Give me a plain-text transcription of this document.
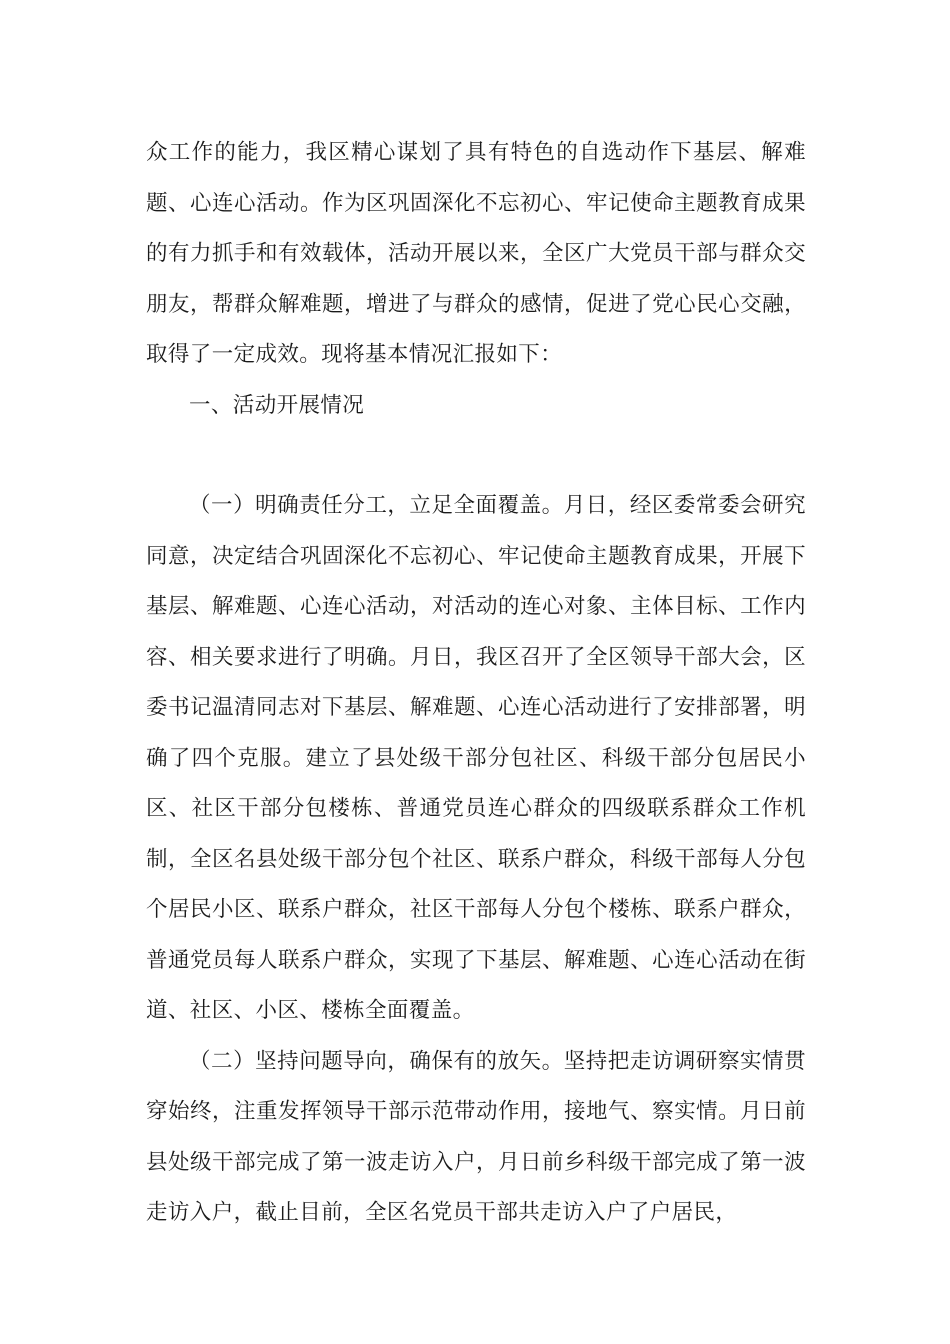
众工作的能力，我区精心谋划了具有特色的自选动作下基层、解难题、心连心活动。作为区巩固深化不忘初心、牢记使命主题教育成果的有力抓手和有效载体，活动开展以来，全区广大党员干部与群众交朋友，帮群众解难题，增进了与群众的感情，促进了党心民心交融，取得了一定成效。现将基本情况汇报如下：

一、活动开展情况

（一）明确责任分工，立足全面覆盖。月日，经区委常委会研究同意，决定结合巩固深化不忘初心、牢记使命主题教育成果，开展下基层、解难题、心连心活动，对活动的连心对象、主体目标、工作内容、相关要求进行了明确。月日，我区召开了全区领导干部大会，区委书记温清同志对下基层、解难题、心连心活动进行了安排部署，明确了四个克服。建立了县处级干部分包社区、科级干部分包居民小区、社区干部分包楼栋、普通党员连心群众的四级联系群众工作机制，全区名县处级干部分包个社区、联系户群众，科级干部每人分包个居民小区、联系户群众，社区干部每人分包个楼栋、联系户群众，普通党员每人联系户群众，实现了下基层、解难题、心连心活动在街道、社区、小区、楼栋全面覆盖。

（二）坚持问题导向，确保有的放矢。坚持把走访调研察实情贯穿始终，注重发挥领导干部示范带动作用，接地气、察实情。月日前县处级干部完成了第一波走访入户，月日前乡科级干部完成了第一波走访入户，截止目前，全区名党员干部共走访入户了户居民，
